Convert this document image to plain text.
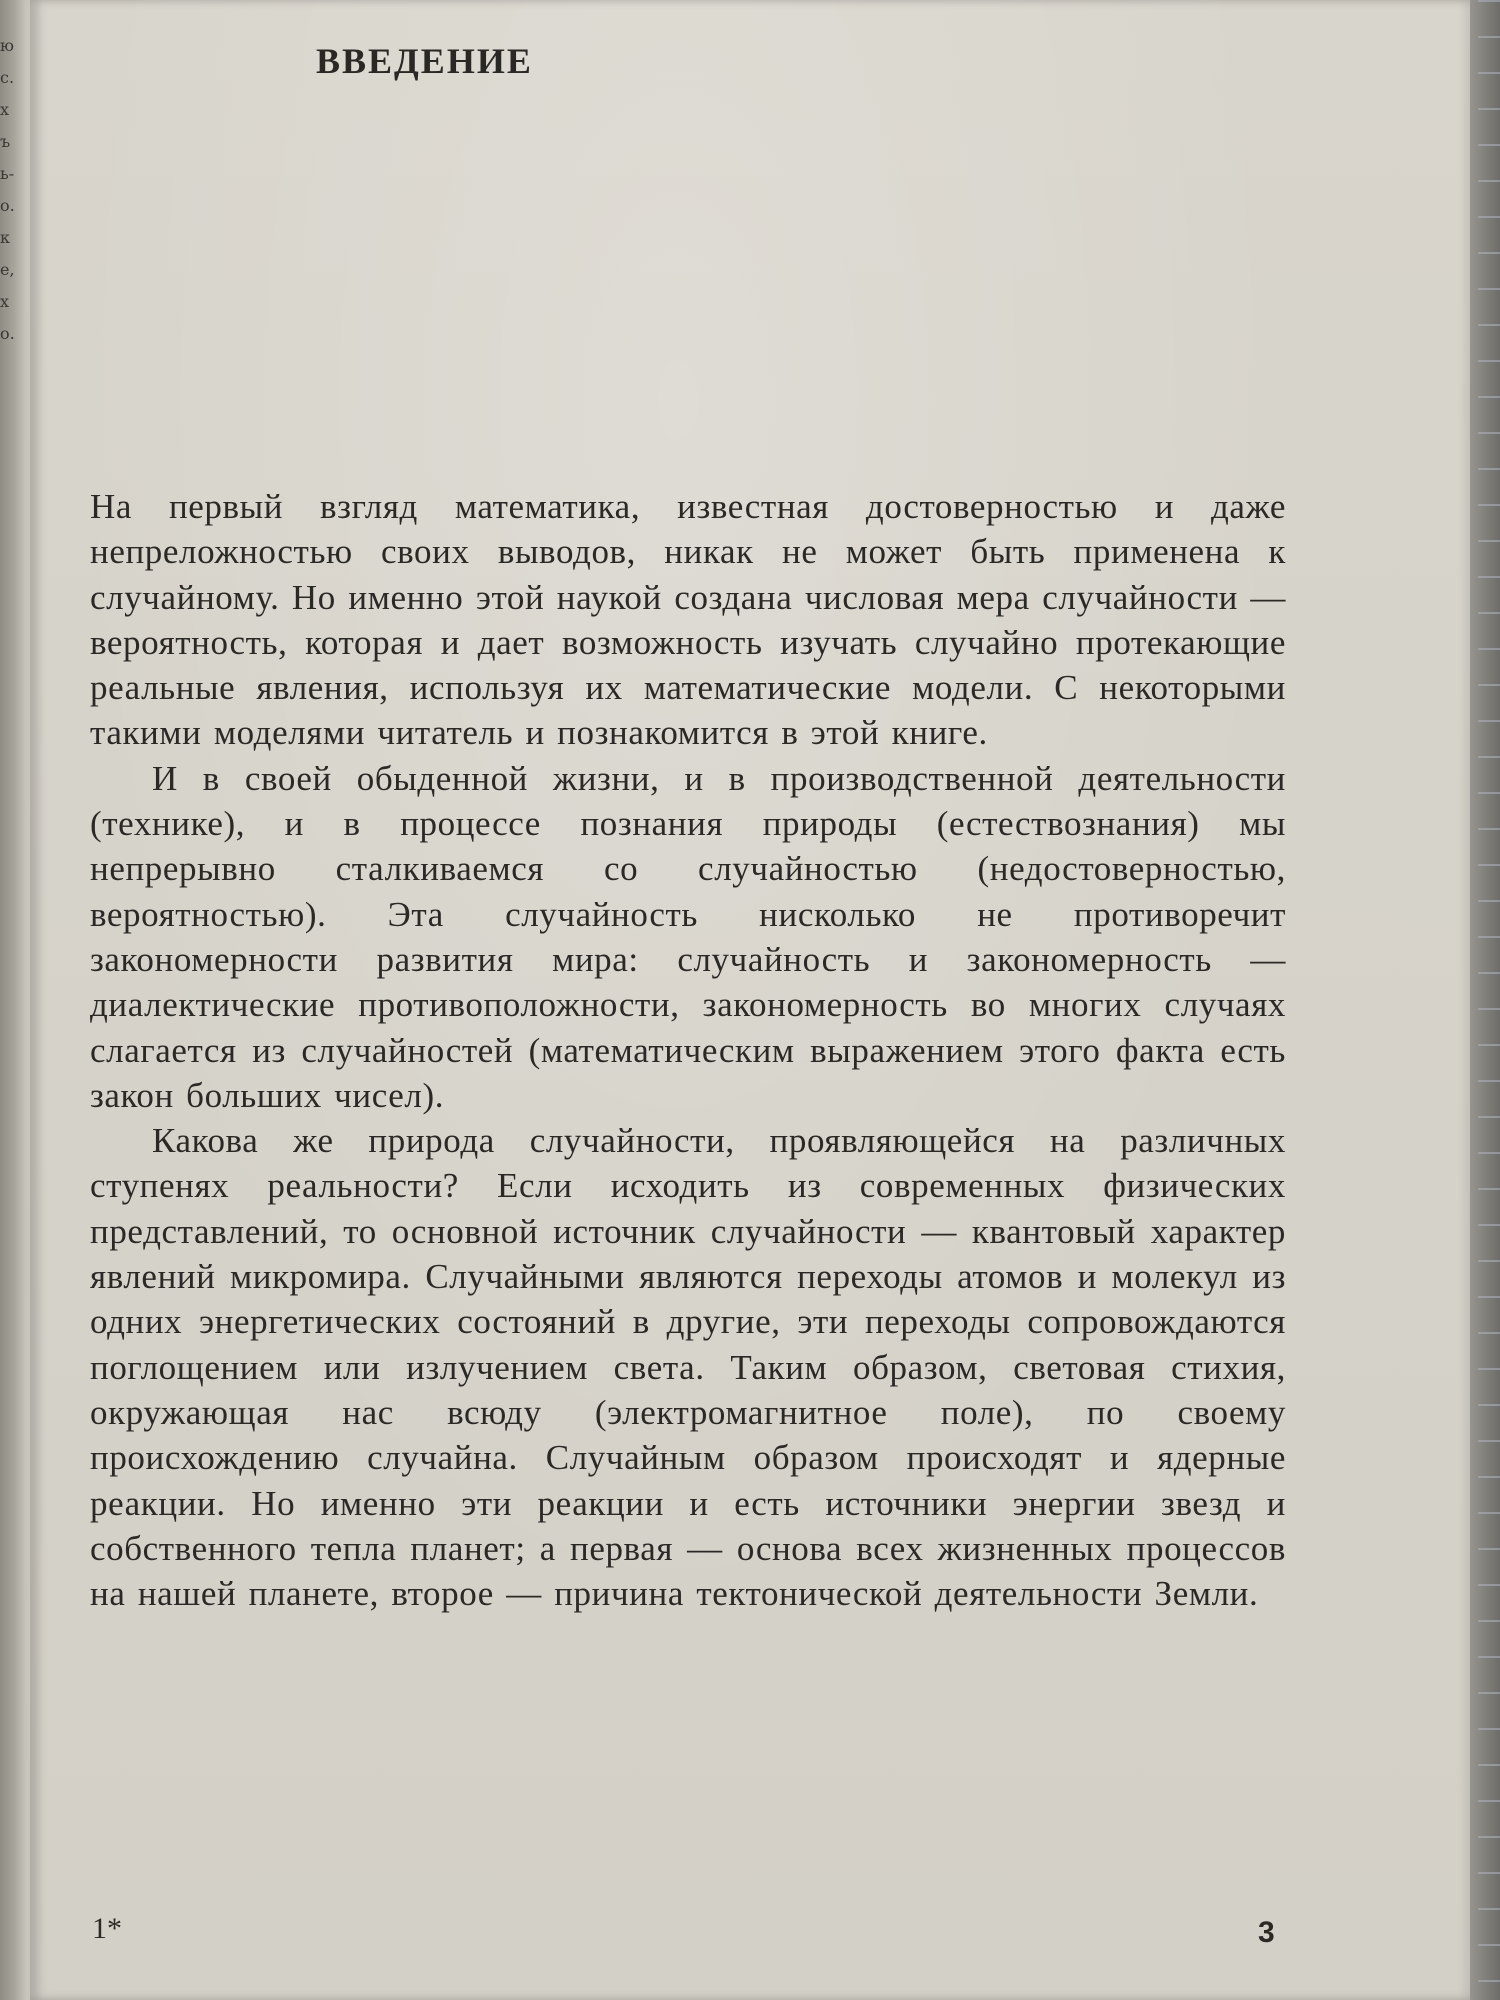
ю
с.
х
ъ
ь-
о.
к
е,
х
о.
ВВЕДЕНИЕ

На первый взгляд математика, известная достоверностью и даже непреложностью своих выводов, никак не может быть применена к случайному. Но именно этой наукой создана числовая мера случайности — вероятность, которая и дает возможность изучать случайно протекающие реальные явления, используя их математические модели. С некоторыми такими моделями читатель и познакомится в этой книге.

И в своей обыденной жизни, и в производственной деятельности (технике), и в процессе познания природы (естествознания) мы непрерывно сталкиваемся со случайностью (недостоверностью, вероятностью). Эта случайность нисколько не противоречит закономерности развития мира: случайность и закономерность — диалектические противоположности, закономерность во многих случаях слагается из случайностей (математическим выражением этого факта есть закон больших чисел).

Какова же природа случайности, проявляющейся на различных ступенях реальности? Если исходить из современных физических представлений, то основной источник случайности — квантовый характер явлений микромира. Случайными являются переходы атомов и молекул из одних энергетических состояний в другие, эти переходы сопровождаются поглощением или излучением света. Таким образом, световая стихия, окружающая нас всюду (электромагнитное поле), по своему происхождению случайна. Случайным образом происходят и ядерные реакции. Но именно эти реакции и есть источники энергии звезд и собственного тепла планет; а первая — основа всех жизненных процессов на нашей планете, второе — причина тектонической деятельности Земли.

1*	3
